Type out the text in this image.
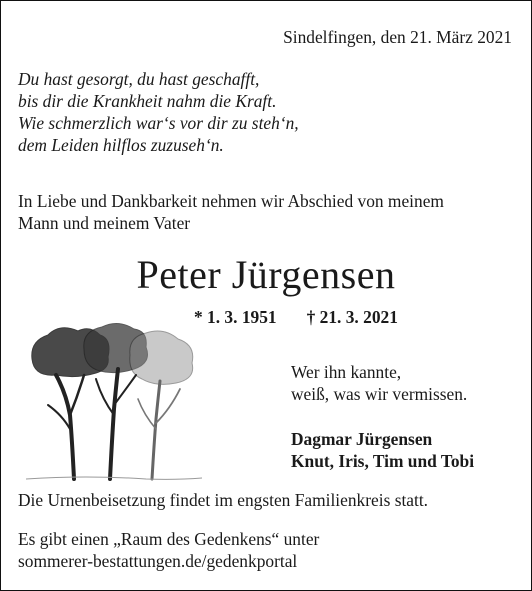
Sindelfingen, den 21. März 2021
Du hast gesorgt, du hast geschafft,
bis dir die Krankheit nahm die Kraft.
Wie schmerzlich war‘s vor dir zu steh‘n,
dem Leiden hilflos zuzuseh‘n.
In Liebe und Dankbarkeit nehmen wir Abschied von meinem
Mann und meinem Vater
Peter Jürgensen
* 1. 3. 1951 † 21. 3. 2021
Wer ihn kannte,
weiß, was wir vermissen.
Dagmar Jürgensen
Knut, Iris, Tim und Tobi
Die Urnenbeisetzung findet im engsten Familienkreis statt.
Es gibt einen „Raum des Gedenkens“ unter
sommerer-bestattungen.de/gedenkportal
